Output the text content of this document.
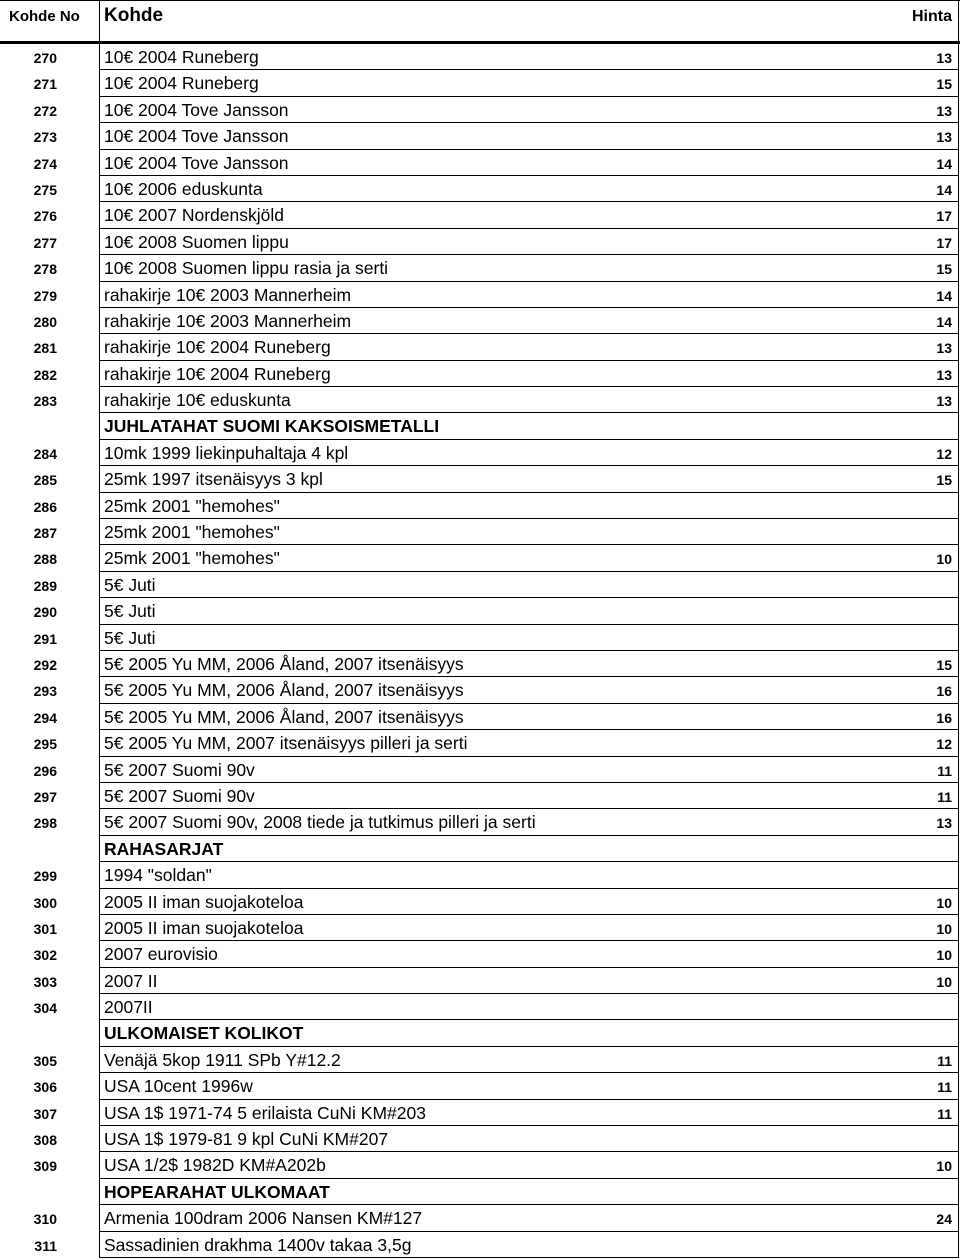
Kohde No	Kohde	Hinta
270	10€ 2004 Runeberg	13
271	10€ 2004 Runeberg	15
272	10€ 2004 Tove Jansson	13
273	10€ 2004 Tove Jansson	13
274	10€ 2004 Tove Jansson	14
275	10€ 2006 eduskunta	14
276	10€ 2007 Nordenskjöld	17
277	10€ 2008 Suomen lippu	17
278	10€ 2008 Suomen lippu rasia ja serti	15
279	rahakirje 10€ 2003 Mannerheim	14
280	rahakirje 10€ 2003 Mannerheim	14
281	rahakirje 10€ 2004 Runeberg	13
282	rahakirje 10€ 2004 Runeberg	13
283	rahakirje 10€ eduskunta	13
JUHLATAHAT SUOMI KAKSOISMETALLI
284	10mk 1999 liekinpuhaltaja 4 kpl	12
285	25mk 1997 itsenäisyys 3 kpl	15
286	25mk 2001 "hemohes"
287	25mk 2001 "hemohes"
288	25mk 2001 "hemohes"	10
289	5€ Juti
290	5€ Juti
291	5€ Juti
292	5€ 2005 Yu MM, 2006 Åland, 2007 itsenäisyys	15
293	5€ 2005 Yu MM, 2006 Åland, 2007 itsenäisyys	16
294	5€ 2005 Yu MM, 2006 Åland, 2007 itsenäisyys	16
295	5€ 2005 Yu MM, 2007 itsenäisyys pilleri ja serti	12
296	5€ 2007 Suomi 90v	11
297	5€ 2007 Suomi 90v	11
298	5€ 2007 Suomi 90v, 2008 tiede ja tutkimus pilleri ja serti	13
RAHASARJAT
299	1994 "soldan"
300	2005 II iman suojakoteloa	10
301	2005 II iman suojakoteloa	10
302	2007 eurovisio	10
303	2007 II	10
304	2007II
ULKOMAISET KOLIKOT
305	Venäjä 5kop 1911 SPb Y#12.2	11
306	USA 10cent 1996w	11
307	USA 1$ 1971-74 5 erilaista CuNi KM#203	11
308	USA 1$ 1979-81 9 kpl CuNi KM#207
309	USA 1/2$ 1982D KM#A202b	10
HOPEARAHAT ULKOMAAT
310	Armenia 100dram 2006 Nansen KM#127	24
311	Sassadinien drakhma 1400v takaa 3,5g
